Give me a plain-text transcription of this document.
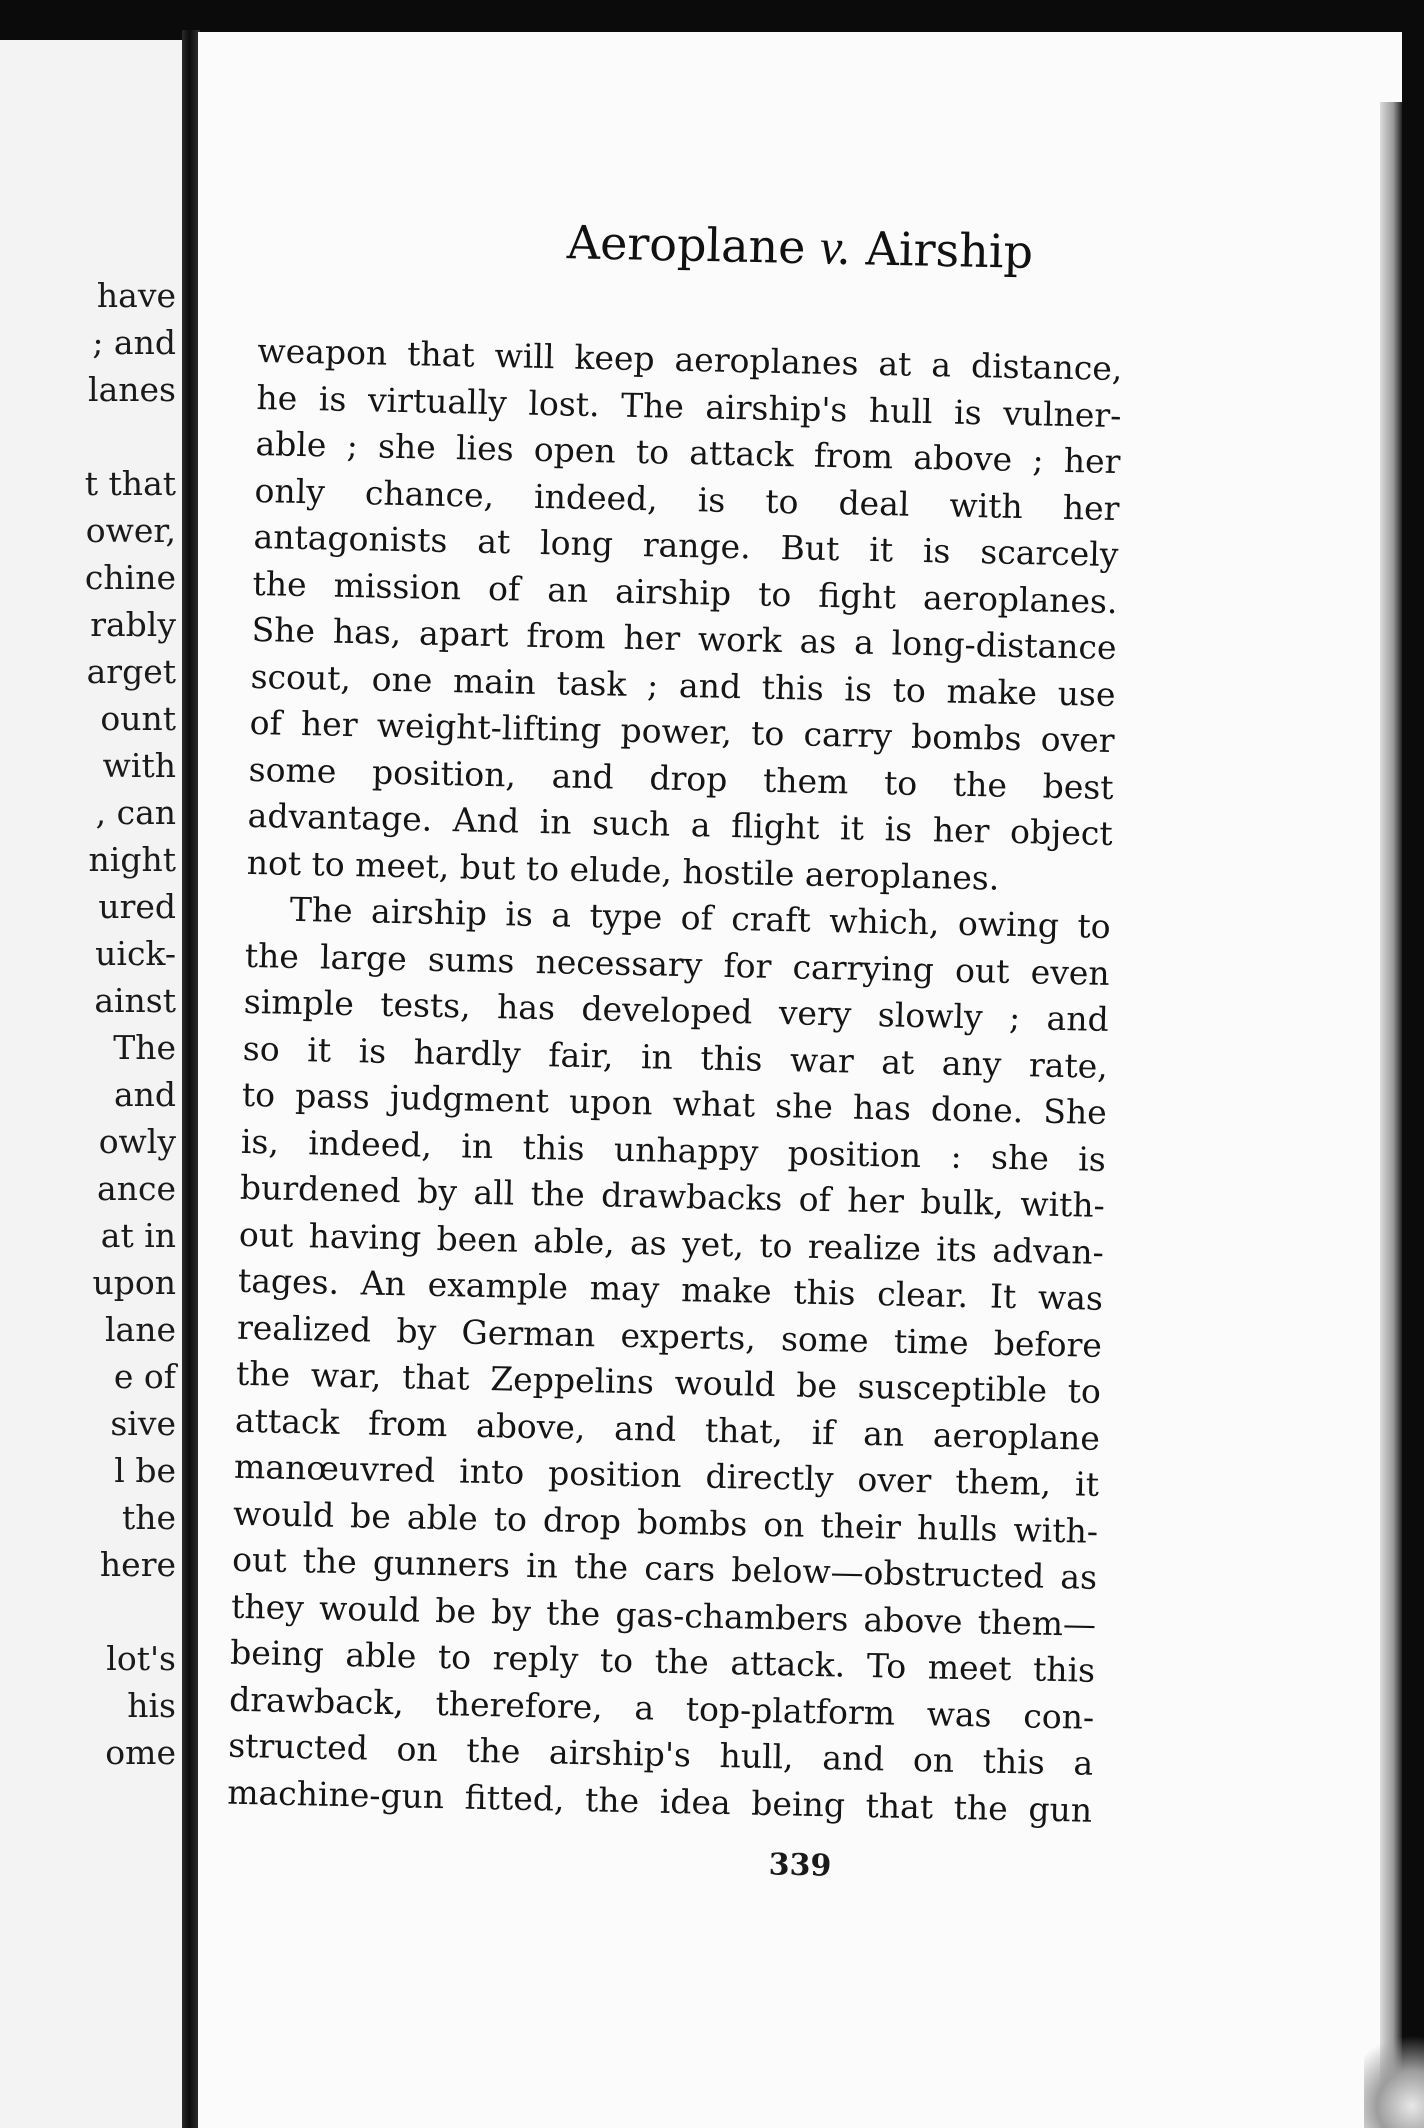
have
; and
lanes
t that
ower,
chine
rably
arget
ount
with
, can
night
ured
uick-
ainst
The
and
owly
ance
at in
upon
lane
e of
sive
l be
the
here
lot's
his
ome
Aeroplane v. Airship
weapon that will keep aeroplanes at a distance,
he is virtually lost. The airship's hull is vulner-
able ; she lies open to attack from above ; her
only chance, indeed, is to deal with her
antagonists at long range. But it is scarcely
the mission of an airship to fight aeroplanes.
She has, apart from her work as a long-distance
scout, one main task ; and this is to make use
of her weight-lifting power, to carry bombs over
some position, and drop them to the best
advantage. And in such a flight it is her object
not to meet, but to elude, hostile aeroplanes.
The airship is a type of craft which, owing to
the large sums necessary for carrying out even
simple tests, has developed very slowly ; and
so it is hardly fair, in this war at any rate,
to pass judgment upon what she has done. She
is, indeed, in this unhappy position : she is
burdened by all the drawbacks of her bulk, with-
out having been able, as yet, to realize its advan-
tages. An example may make this clear. It was
realized by German experts, some time before
the war, that Zeppelins would be susceptible to
attack from above, and that, if an aeroplane
manœuvred into position directly over them, it
would be able to drop bombs on their hulls with-
out the gunners in the cars below—obstructed as
they would be by the gas-chambers above them—
being able to reply to the attack. To meet this
drawback, therefore, a top-platform was con-
structed on the airship's hull, and on this a
machine-gun fitted, the idea being that the gun
339
